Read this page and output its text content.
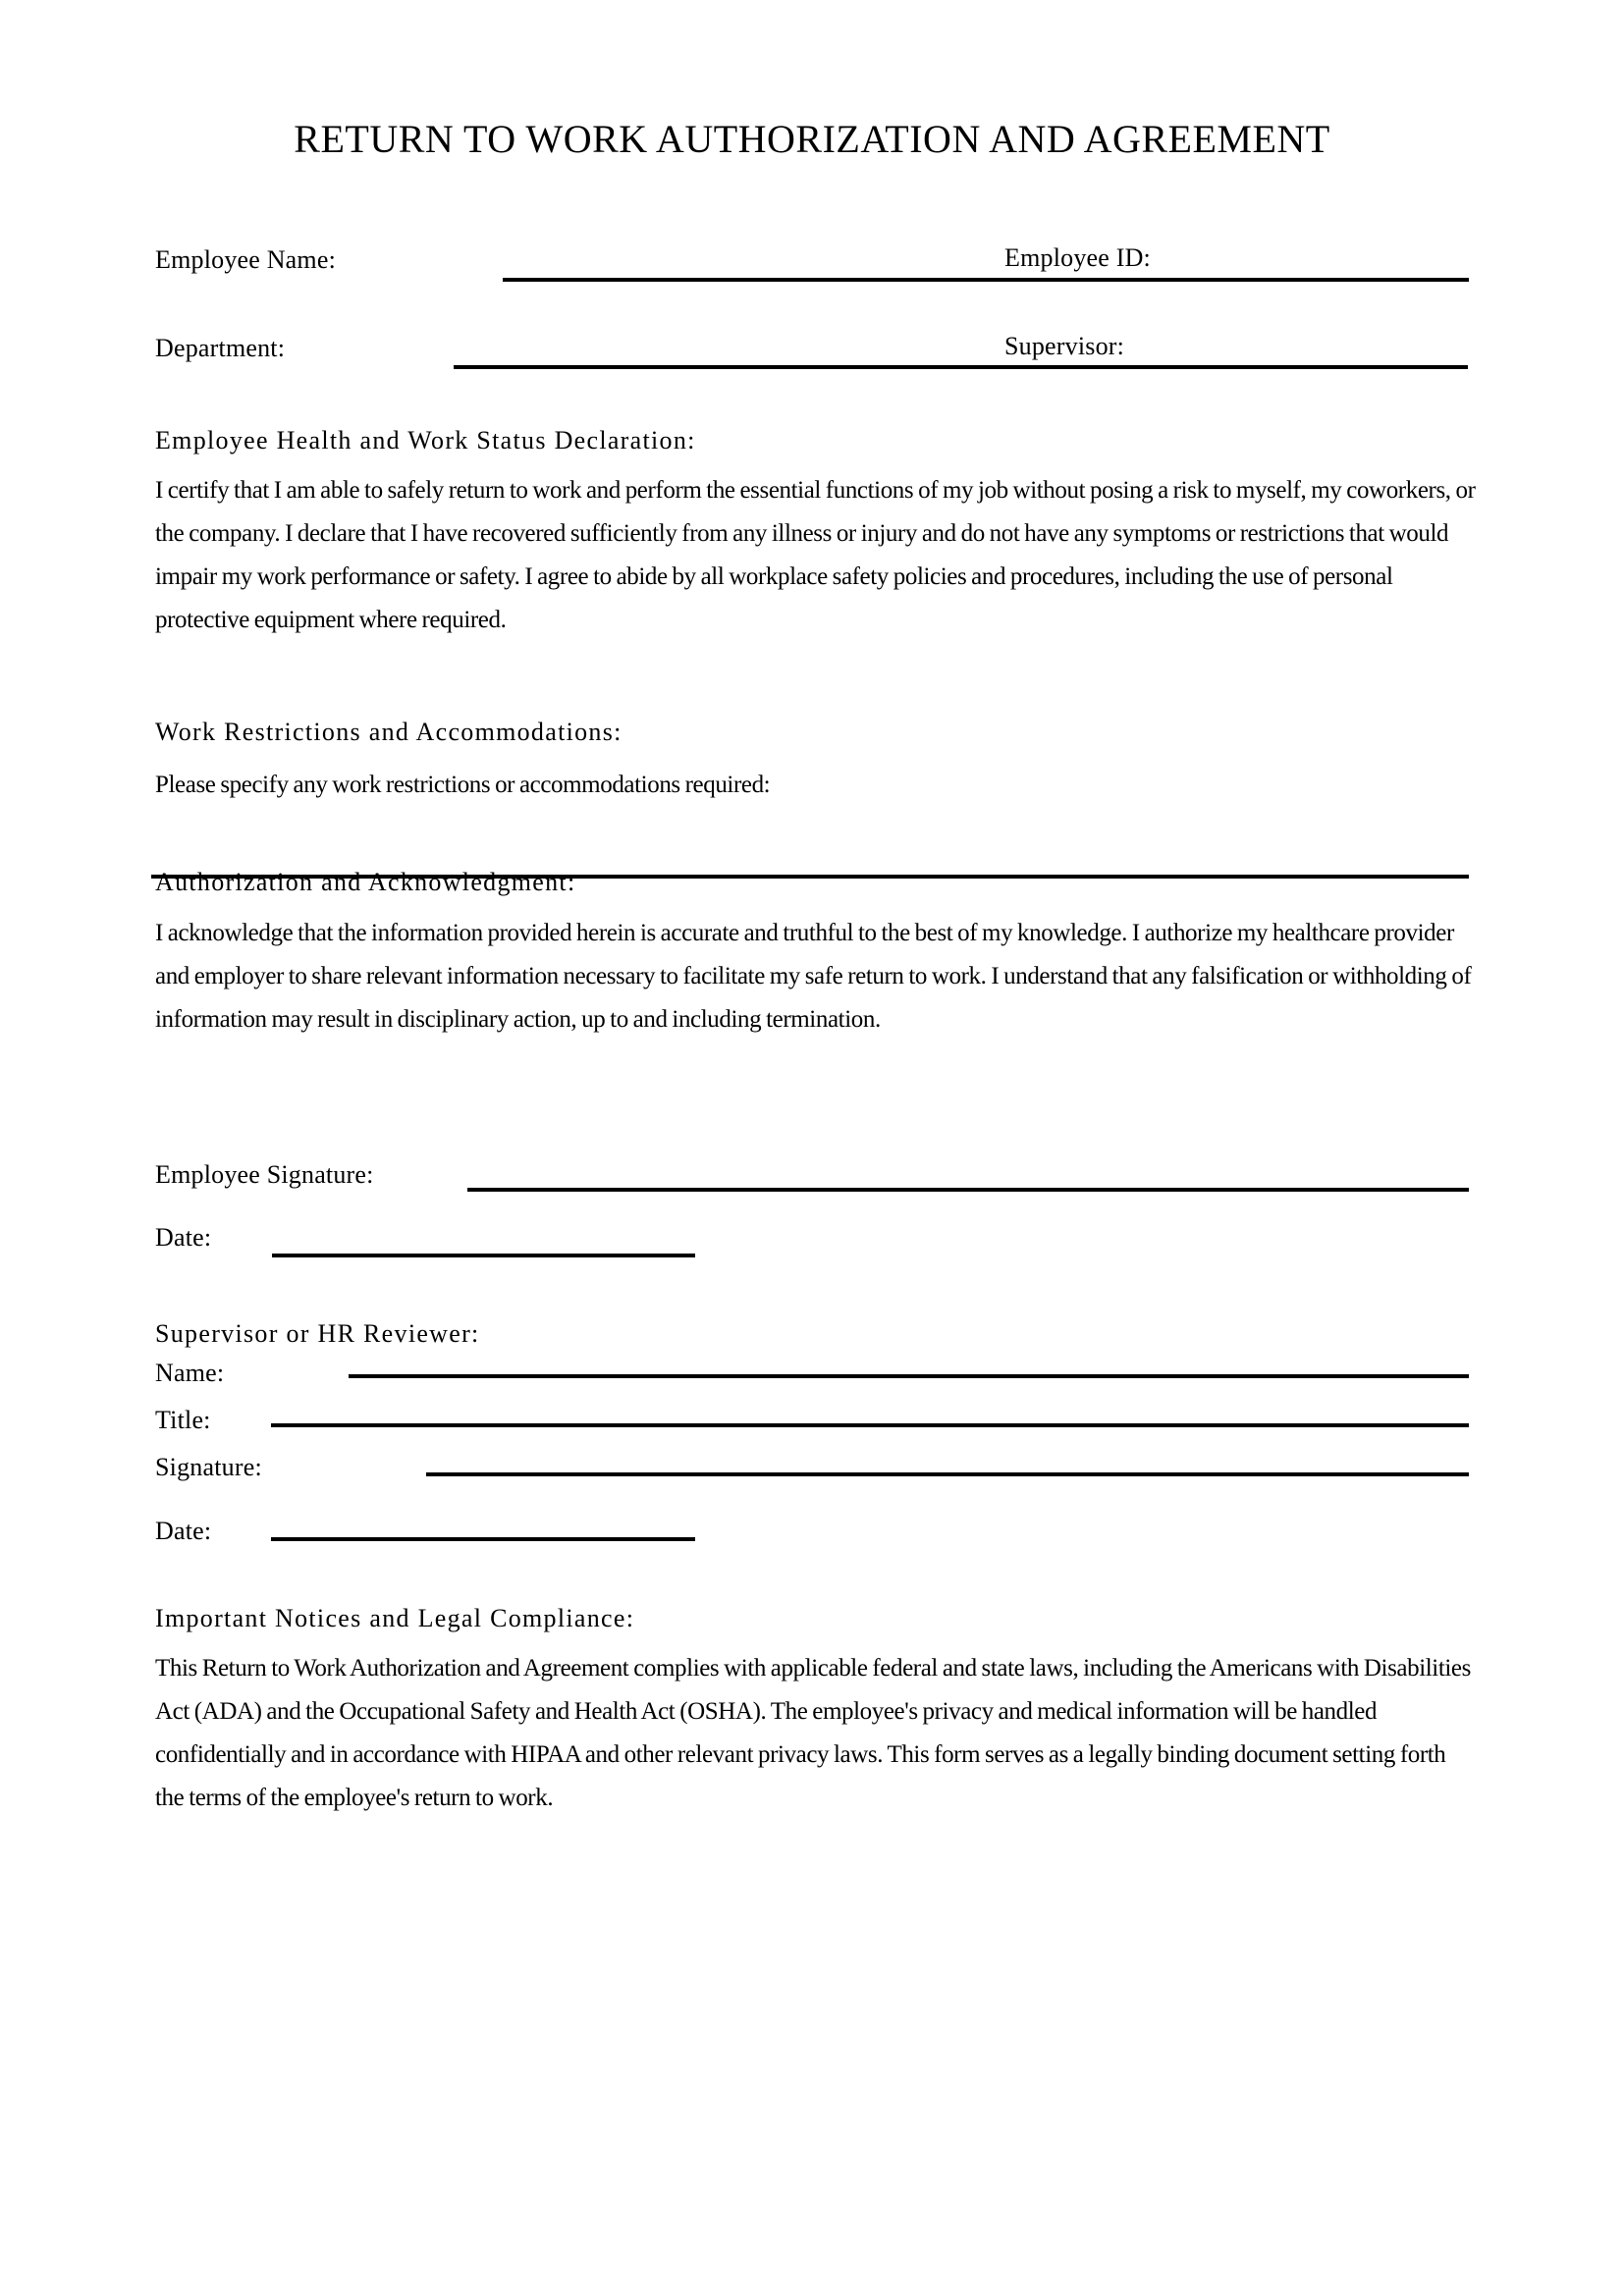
RETURN TO WORK AUTHORIZATION AND AGREEMENT
Employee Name:	Employee ID:
Department:	Supervisor:
Employee Health and Work Status Declaration:
I certify that I am able to safely return to work and perform the essential functions of my job without posing a risk to myself, my coworkers, or the company. I declare that I have recovered sufficiently from any illness or injury and do not have any symptoms or restrictions that would impair my work performance or safety. I agree to abide by all workplace safety policies and procedures, including the use of personal protective equipment where required.
Work Restrictions and Accommodations:
Please specify any work restrictions or accommodations required:
Authorization and Acknowledgment:
I acknowledge that the information provided herein is accurate and truthful to the best of my knowledge. I authorize my healthcare provider and employer to share relevant information necessary to facilitate my safe return to work. I understand that any falsification or withholding of information may result in disciplinary action, up to and including termination.
Employee Signature:
Date:
Supervisor or HR Reviewer:
Name:
Title:
Signature:
Date:
Important Notices and Legal Compliance:
This Return to Work Authorization and Agreement complies with applicable federal and state laws, including the Americans with Disabilities Act (ADA) and the Occupational Safety and Health Act (OSHA). The employee's privacy and medical information will be handled confidentially and in accordance with HIPAA and other relevant privacy laws. This form serves as a legally binding document setting forth the terms of the employee's return to work.
